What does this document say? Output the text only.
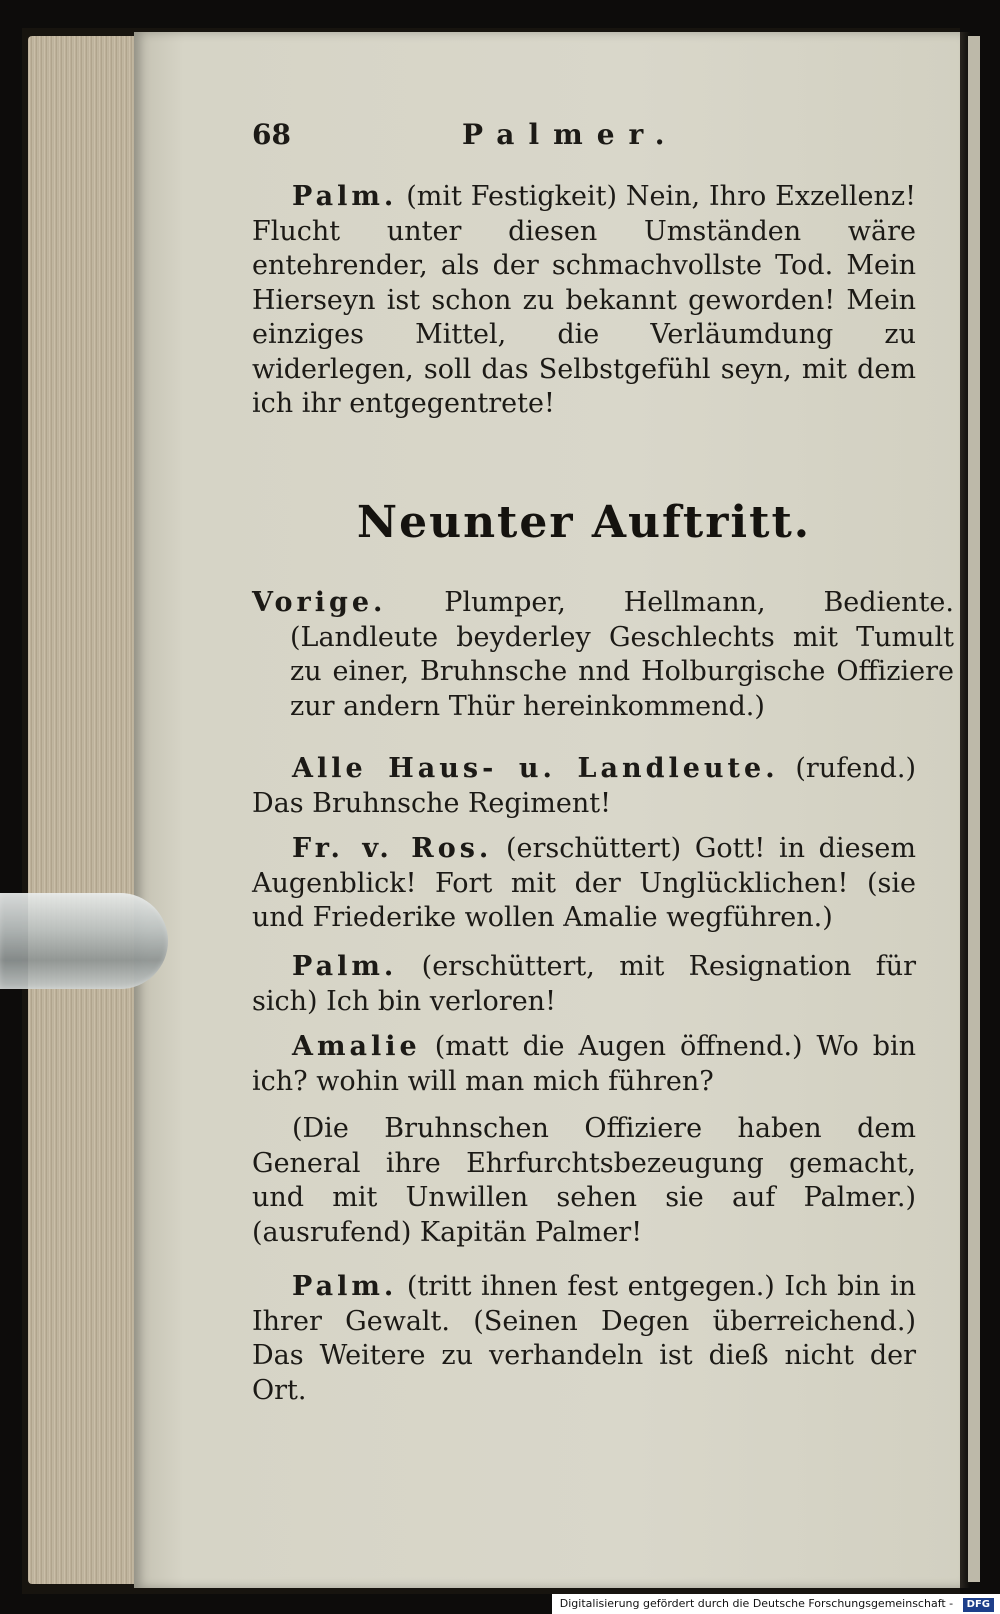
68	Palmer.
Palm. (mit Festigkeit) Nein, Ihro Exzellenz! Flucht unter diesen Umständen wäre entehrender, als der schmachvollste Tod. Mein Hierseyn ist schon zu bekannt geworden! Mein einziges Mittel, die Verläumdung zu widerlegen, soll das Selbstgefühl seyn, mit dem ich ihr entgegentrete!
Neunter Auftritt.
Vorige. Plumper, Hellmann, Bediente. (Landleute beyderley Geschlechts mit Tumult zu einer, Bruhnsche nnd Holburgische Offiziere zur andern Thür hereinkommend.)
Alle Haus- u. Landleute. (rufend.) Das Bruhnsche Regiment!
Fr. v. Ros. (erschüttert) Gott! in diesem Augenblick! Fort mit der Unglücklichen! (sie und Friederike wollen Amalie wegführen.)
Palm. (erschüttert, mit Resignation für sich) Ich bin verloren!
Amalie (matt die Augen öffnend.) Wo bin ich? wohin will man mich führen?
(Die Bruhnschen Offiziere haben dem General ihre Ehrfurchtsbezeugung gemacht, und mit Unwillen sehen sie auf Palmer.) (ausrufend) Kapitän Palmer!
Palm. (tritt ihnen fest entgegen.) Ich bin in Ihrer Gewalt. (Seinen Degen überreichend.) Das Weitere zu verhandeln ist dieß nicht der Ort.
Digitalisierung gefördert durch die Deutsche Forschungsgemeinschaft - DFG
